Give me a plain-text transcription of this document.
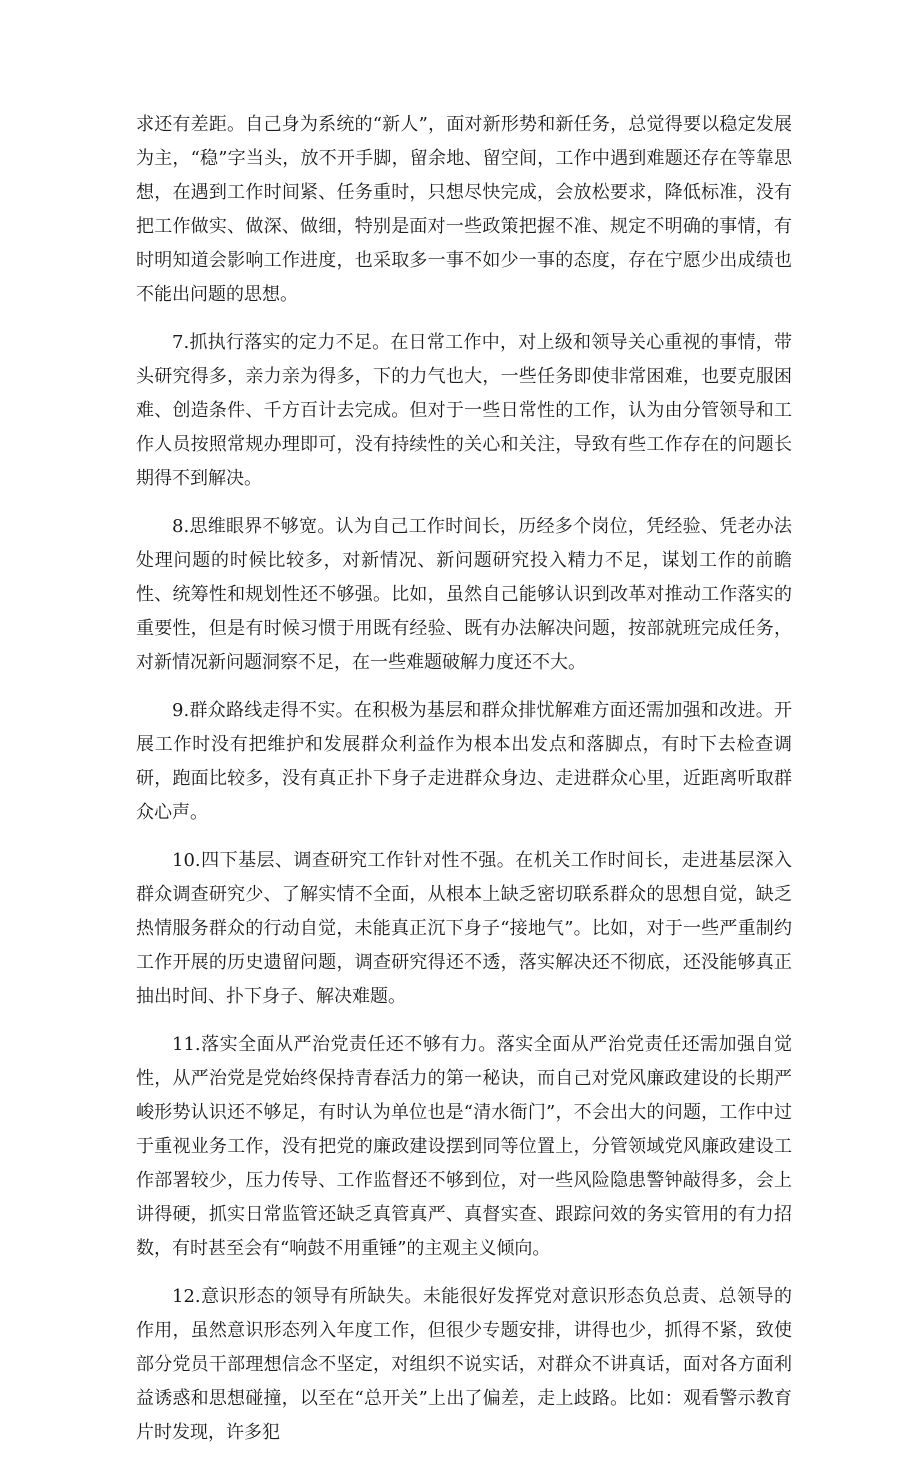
求还有差距。自己身为系统的“新人”，面对新形势和新任务，总觉得要以稳定发展为主，“稳”字当头，放不开手脚，留余地、留空间，工作中遇到难题还存在等靠思想，在遇到工作时间紧、任务重时，只想尽快完成，会放松要求，降低标准，没有把工作做实、做深、做细，特别是面对一些政策把握不准、规定不明确的事情，有时明知道会影响工作进度，也采取多一事不如少一事的态度，存在宁愿少出成绩也不能出问题的思想。

7.抓执行落实的定力不足。在日常工作中，对上级和领导关心重视的事情，带头研究得多，亲力亲为得多，下的力气也大，一些任务即使非常困难，也要克服困难、创造条件、千方百计去完成。但对于一些日常性的工作，认为由分管领导和工作人员按照常规办理即可，没有持续性的关心和关注，导致有些工作存在的问题长期得不到解决。

8.思维眼界不够宽。认为自己工作时间长，历经多个岗位，凭经验、凭老办法处理问题的时候比较多，对新情况、新问题研究投入精力不足，谋划工作的前瞻性、统筹性和规划性还不够强。比如，虽然自己能够认识到改革对推动工作落实的重要性，但是有时候习惯于用既有经验、既有办法解决问题，按部就班完成任务，对新情况新问题洞察不足，在一些难题破解力度还不大。

9.群众路线走得不实。在积极为基层和群众排忧解难方面还需加强和改进。开展工作时没有把维护和发展群众利益作为根本出发点和落脚点，有时下去检查调研，跑面比较多，没有真正扑下身子走进群众身边、走进群众心里，近距离听取群众心声。

10.四下基层、调查研究工作针对性不强。在机关工作时间长，走进基层深入群众调查研究少、了解实情不全面，从根本上缺乏密切联系群众的思想自觉，缺乏热情服务群众的行动自觉，未能真正沉下身子“接地气”。比如，对于一些严重制约工作开展的历史遗留问题，调查研究得还不透，落实解决还不彻底，还没能够真正抽出时间、扑下身子、解决难题。

11.落实全面从严治党责任还不够有力。落实全面从严治党责任还需加强自觉性，从严治党是党始终保持青春活力的第一秘诀，而自己对党风廉政建设的长期严峻形势认识还不够足，有时认为单位也是“清水衙门”，不会出大的问题，工作中过于重视业务工作，没有把党的廉政建设摆到同等位置上，分管领域党风廉政建设工作部署较少，压力传导、工作监督还不够到位，对一些风险隐患警钟敲得多，会上讲得硬，抓实日常监管还缺乏真管真严、真督实查、跟踪问效的务实管用的有力招数，有时甚至会有“响鼓不用重锤”的主观主义倾向。

12.意识形态的领导有所缺失。未能很好发挥党对意识形态负总责、总领导的作用，虽然意识形态列入年度工作，但很少专题安排，讲得也少，抓得不紧，致使部分党员干部理想信念不坚定，对组织不说实话，对群众不讲真话，面对各方面利益诱惑和思想碰撞，以至在“总开关”上出了偏差，走上歧路。比如：观看警示教育片时发现，许多犯
